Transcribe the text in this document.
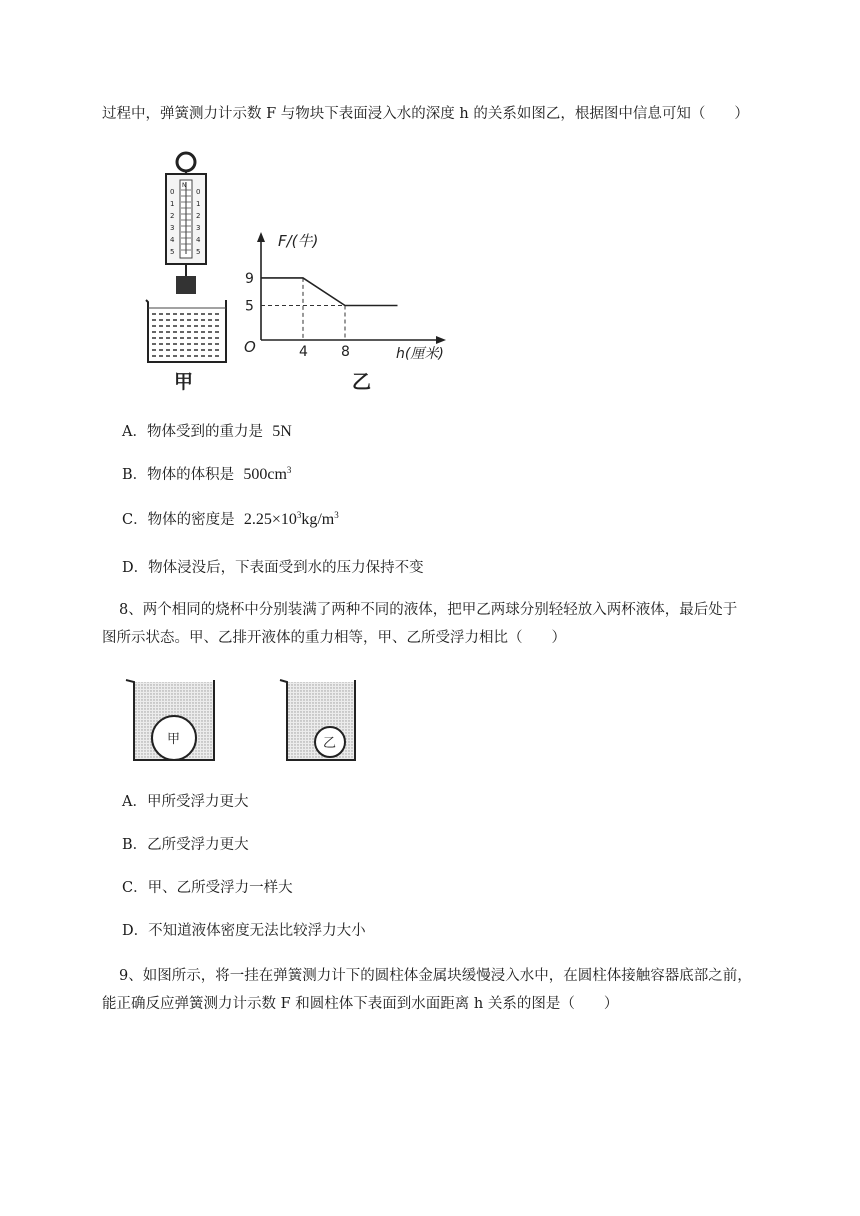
过程中，弹簧测力计示数 F 与物块下表面浸入水的深度 h 的关系如图乙，根据图中信息可知（　　）
N
0
1
2
3
4
5
0
1
2
3
4
5
甲
F/(牛)
h(厘米)
O	4 8
5
9
乙
A．物体受到的重力是 5N
B．物体的体积是 $500cm^3$
C．物体的密度是 $2.25\times 10^3kg/m^3$
D．物体浸没后，下表面受到水的压力保持不变
8、两个相同的烧杯中分别装满了两种不同的液体，把甲乙两球分别轻轻放入两杯液体，最后处于
图所示状态。甲、乙排开液体的重力相等，甲、乙所受浮力相比（　　）
甲	乙
A．甲所受浮力更大
B．乙所受浮力更大
C．甲、乙所受浮力一样大
D．不知道液体密度无法比较浮力大小
9、如图所示，将一挂在弹簧测力计下的圆柱体金属块缓慢浸入水中，在圆柱体接触容器底部之前，
能正确反应弹簧测力计示数 F 和圆柱体下表面到水面距离 h 关系的图是（　　）
